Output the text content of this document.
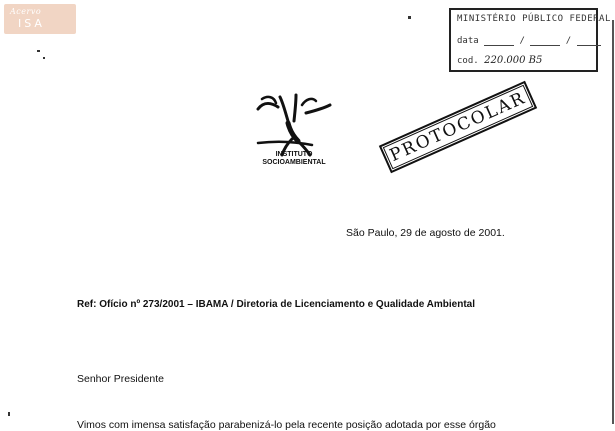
Acervo
ISA	MINISTÉRIO PÚBLICO FEDERAL
data	/	/
cod. 220.000 B5
INSTITUTO
SOCIOAMBIENTAL	PROTOCOLAR
São Paulo, 29 de agosto de 2001.
Ref: Ofício nº 273/2001 – IBAMA / Diretoria de Licenciamento e Qualidade Ambiental
Senhor Presidente
Vimos com imensa satisfação parabenizá-lo pela recente posição adotada por esse órgão
